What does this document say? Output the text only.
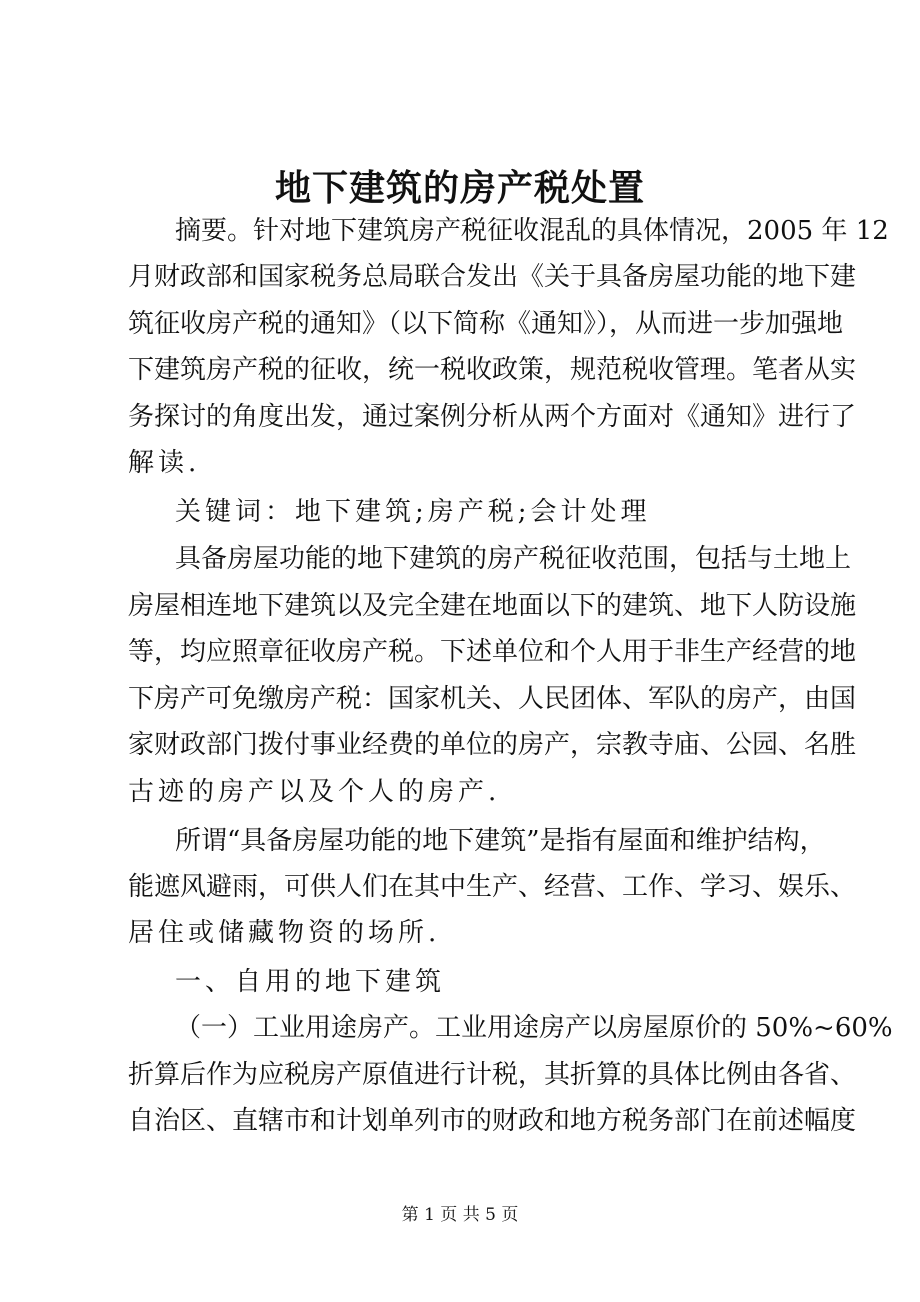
地下建筑的房产税处置
摘要。针对地下建筑房产税征收混乱的具体情况，2005 年 12
月财政部和国家税务总局联合发出《关于具备房屋功能的地下建
筑征收房产税的通知》（以下简称《通知》），从而进一步加强地
下建筑房产税的征收，统一税收政策，规范税收管理。笔者从实
务探讨的角度出发，通过案例分析从两个方面对《通知》进行了
解读.
关键词：地下建筑;房产税;会计处理
具备房屋功能的地下建筑的房产税征收范围，包括与土地上
房屋相连地下建筑以及完全建在地面以下的建筑、地下人防设施
等，均应照章征收房产税。下述单位和个人用于非生产经营的地
下房产可免缴房产税：国家机关、人民团体、军队的房产，由国
家财政部门拨付事业经费的单位的房产，宗教寺庙、公园、名胜
古迹的房产以及个人的房产.
所谓“具备房屋功能的地下建筑”是指有屋面和维护结构，
能遮风避雨，可供人们在其中生产、经营、工作、学习、娱乐、
居住或储藏物资的场所.
一、自用的地下建筑
（一）工业用途房产。工业用途房产以房屋原价的 50%~60%
折算后作为应税房产原值进行计税，其折算的具体比例由各省、
自治区、直辖市和计划单列市的财政和地方税务部门在前述幅度
第 1 页 共 5 页
